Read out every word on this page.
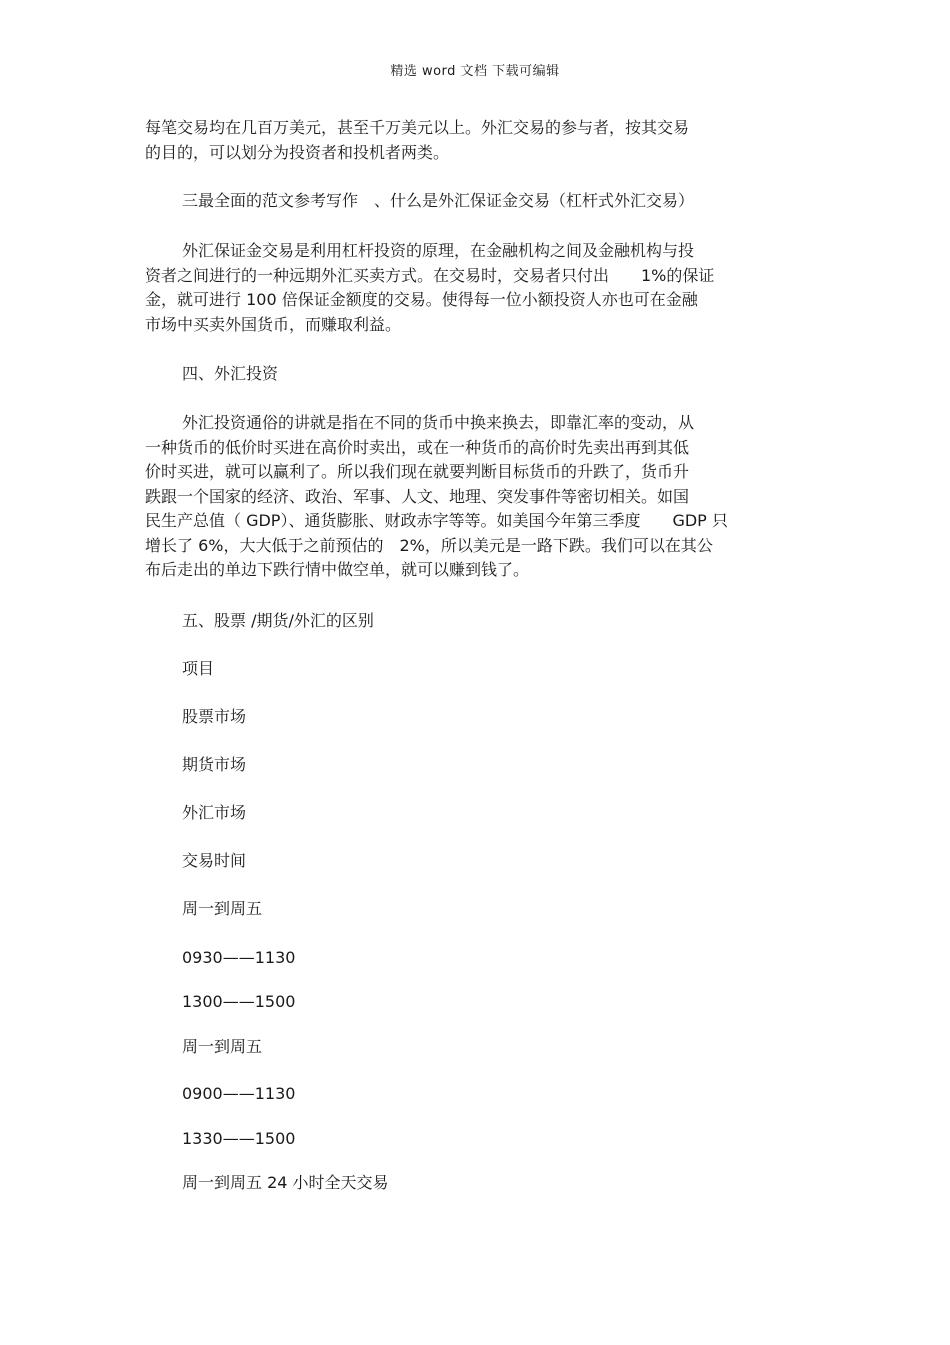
精选 word 文档 下载可编辑

每笔交易均在几百万美元，甚至千万美元以上。外汇交易的参与者，按其交易
的目的，可以划分为投资者和投机者两类。

三最全面的范文参考写作　、什么是外汇保证金交易（杠杆式外汇交易）

外汇保证金交易是利用杠杆投资的原理，在金融机构之间及金融机构与投
资者之间进行的一种远期外汇买卖方式。在交易时，交易者只付出　　1%的保证
金，就可进行 100 倍保证金额度的交易。使得每一位小额投资人亦也可在金融
市场中买卖外国货币，而赚取利益。

四、外汇投资

外汇投资通俗的讲就是指在不同的货币中换来换去，即靠汇率的变动，从
一种货币的低价时买进在高价时卖出，或在一种货币的高价时先卖出再到其低
价时买进，就可以赢利了。所以我们现在就要判断目标货币的升跌了，货币升
跌跟一个国家的经济、政治、军事、人文、地理、突发事件等密切相关。如国
民生产总值（ GDP）、通货膨胀、财政赤字等等。如美国今年第三季度　　GDP 只
增长了 6%，大大低于之前预估的　2%，所以美元是一路下跌。我们可以在其公
布后走出的单边下跌行情中做空单，就可以赚到钱了。

五、股票 /期货/外汇的区别

项目

股票市场

期货市场

外汇市场

交易时间

周一到周五

0930——1130

1300——1500

周一到周五

0900——1130

1330——1500

周一到周五 24 小时全天交易
